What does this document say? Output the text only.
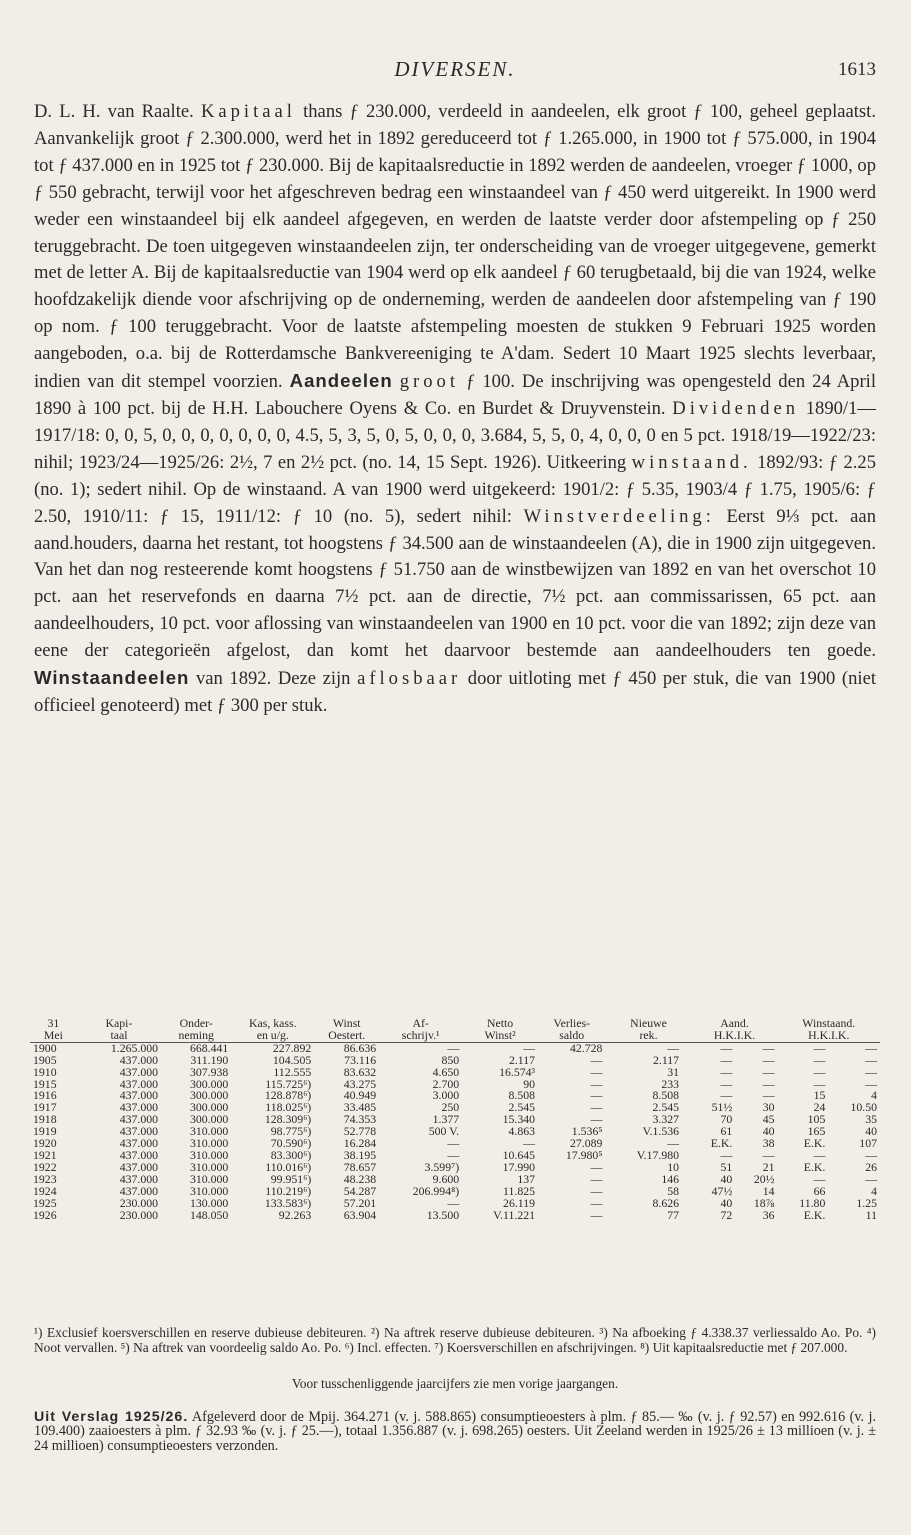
DIVERSEN.	1613
D. L. H. van Raalte. Kapitaal thans ƒ 230.000, verdeeld in aandeelen, elk groot ƒ 100, geheel geplaatst. Aanvankelijk groot ƒ 2.300.000, werd het in 1892 gereduceerd tot ƒ 1.265.000, in 1900 tot ƒ 575.000, in 1904 tot ƒ 437.000 en in 1925 tot ƒ 230.000. Bij de kapitaalsreductie in 1892 werden de aandeelen, vroeger ƒ 1000, op ƒ 550 gebracht, terwijl voor het afgeschreven bedrag een winstaandeel van ƒ 450 werd uitgereikt. In 1900 werd weder een winstaandeel bij elk aandeel afgegeven, en werden de laatste verder door afstempeling op ƒ 250 teruggebracht. De toen uitgegeven winstaandeelen zijn, ter onderscheiding van de vroeger uitgegevene, gemerkt met de letter A. Bij de kapitaalsreductie van 1904 werd op elk aandeel ƒ 60 terugbetaald, bij die van 1924, welke hoofdzakelijk diende voor afschrijving op de onderneming, werden de aandeelen door afstempeling van ƒ 190 op nom. ƒ 100 teruggebracht. Voor de laatste afstempeling moesten de stukken 9 Februari 1925 worden aangeboden, o.a. bij de Rotterdamsche Bankvereeniging te A'dam. Sedert 10 Maart 1925 slechts leverbaar, indien van dit stempel voorzien. Aandeelen groot ƒ 100. De inschrijving was opengesteld den 24 April 1890 à 100 pct. bij de H.H. Labouchere Oyens & Co. en Burdet & Druyvenstein. Dividenden 1890/1—1917/18: 0, 0, 5, 0, 0, 0, 0, 0, 0, 0, 4.5, 5, 3, 5, 0, 5, 0, 0, 0, 3.684, 5, 5, 0, 4, 0, 0, 0 en 5 pct. 1918/19—1922/23: nihil; 1923/24—1925/26: 2½, 7 en 2½ pct. (no. 14, 15 Sept. 1926). Uitkeering winstaand. 1892/93: ƒ 2.25 (no. 1); sedert nihil. Op de winstaand. A van 1900 werd uitgekeerd: 1901/2: ƒ 5.35, 1903/4 ƒ 1.75, 1905/6: ƒ 2.50, 1910/11: ƒ 15, 1911/12: ƒ 10 (no. 5), sedert nihil: Winstverdeeling: Eerst 9⅓ pct. aan aand.houders, daarna het restant, tot hoogstens ƒ 34.500 aan de winstaandeelen (A), die in 1900 zijn uitgegeven. Van het dan nog resteerende komt hoogstens ƒ 51.750 aan de winstbewijzen van 1892 en van het overschot 10 pct. aan het reservefonds en daarna 7½ pct. aan de directie, 7½ pct. aan commissarissen, 65 pct. aan aandeelhouders, 10 pct. voor aflossing van winstaandeelen van 1900 en 10 pct. voor die van 1892; zijn deze van eene der categorieën afgelost, dan komt het daarvoor bestemde aan aandeelhouders ten goede. Winstaandeelen van 1892. Deze zijn aflosbaar door uitloting met ƒ 450 per stuk, die van 1900 (niet officieel genoteerd) met ƒ 300 per stuk.
31	Kapi-	Onder-	Kas, kass.	Winst	Af-	Netto	Verlies-	Nieuwe		Aand.		Winstaand.	
Mei	taal	neming	en u/g.	Oestert.	schrijv.¹	Winst²	saldo	rek.		H.K.I.K.		H.K.I.K.	
1900	1.265.000	668.441	227.892	86.636	—	—	42.728	—		—	—	—	—
1905	437.000	311.190	104.505	73.116	850	2.117	—	2.117		—	—	—	—
1910	437.000	307.938	112.555	83.632	4.650	16.574³	—	31		—	—	—	—
1915	437.000	300.000	115.725⁶)	43.275	2.700	90	—	233		—	—	—	—
1916	437.000	300.000	128.878⁶)	40.949	3.000	8.508	—	8.508		—	—	15	4
1917	437.000	300.000	118.025⁶)	33.485	250	2.545	—	2.545		51½	30	24	10.50
1918	437.000	300.000	128.309⁶)	74.353	1.377	15.340	—	3.327		70	45	105	35
1919	437.000	310.000	98.775⁶)	52.778	500 V.	4.863	1.536⁵	V.1.536		61	40	165	40
1920	437.000	310.000	70.590⁶)	16.284	—	—	27.089	—		E.K.	38	E.K.	107
1921	437.000	310.000	83.300⁶)	38.195	—	10.645	17.980⁵	V.17.980		—	—	—	—
1922	437.000	310.000	110.016⁶)	78.657	3.599⁷)	17.990	—	10		51	21	E.K.	26
1923	437.000	310.000	99.951⁶)	48.238	9.600	137	—	146		40	20½	—	—
1924	437.000	310.000	110.219⁶)	54.287	206.994⁸)	11.825	—	58		47½	14	66	4
1925	230.000	130.000	133.583⁶)	57.201	—	26.119	—	8.626		40	18⅞	11.80	1.25
1926	230.000	148.050	92.263	63.904	13.500	V.11.221	—	77		72	36	E.K.	11
¹) Exclusief koersverschillen en reserve dubieuse debiteuren. ²) Na aftrek reserve dubieuse debiteuren. ³) Na afboeking ƒ 4.338.37 verliessaldo Ao. Po. ⁴) Noot vervallen. ⁵) Na aftrek van voordeelig saldo Ao. Po. ⁶) Incl. effecten. ⁷) Koersverschillen en afschrijvingen. ⁸) Uit kapitaalsreductie met ƒ 207.000.
Voor tusschenliggende jaarcijfers zie men vorige jaargangen.
Uit Verslag 1925/26. Afgeleverd door de Mpij. 364.271 (v. j. 588.865) consumptieoesters à plm. ƒ 85.— ‰ (v. j. ƒ 92.57) en 992.616 (v. j. 109.400) zaaioesters à plm. ƒ 32.93 ‰ (v. j. ƒ 25.—), totaal 1.356.887 (v. j. 698.265) oesters. Uit Zeeland werden in 1925/26 ± 13 millioen (v. j. ± 24 millioen) consumptieoesters verzonden.
